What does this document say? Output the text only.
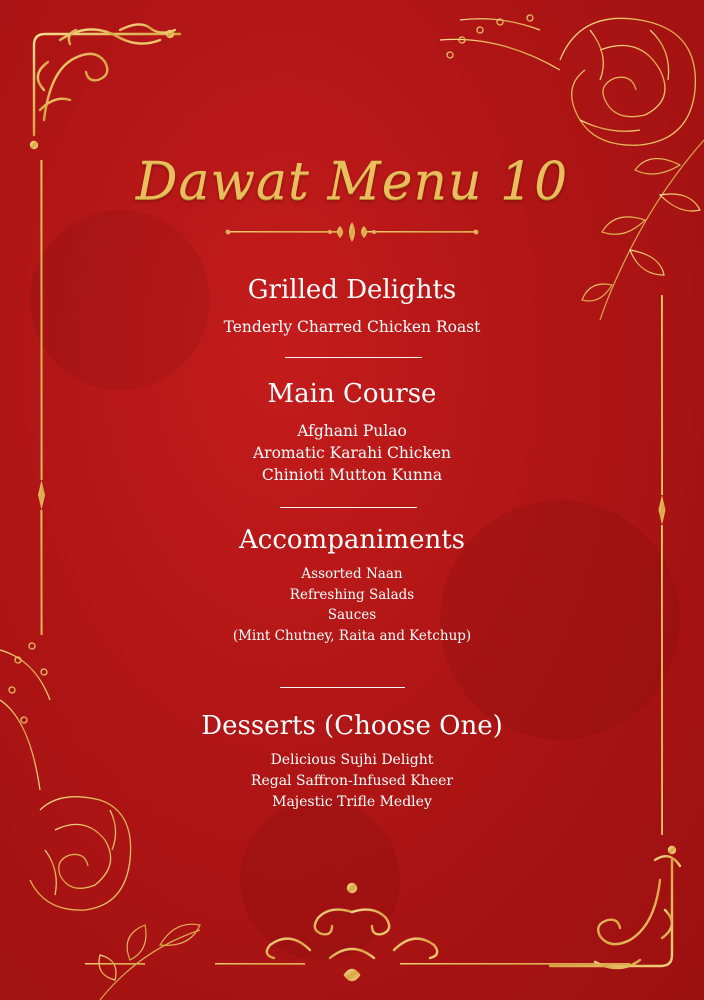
Dawat Menu 10
Grilled Delights
Tenderly Charred Chicken Roast
Main Course
Afghani Pulao
Aromatic Karahi Chicken
Chinioti Mutton Kunna
Accompaniments
Assorted Naan
Refreshing Salads
Sauces
(Mint Chutney, Raita and Ketchup)
Desserts (Choose One)
Delicious Sujhi Delight
Regal Saffron-Infused Kheer
Majestic Trifle Medley
